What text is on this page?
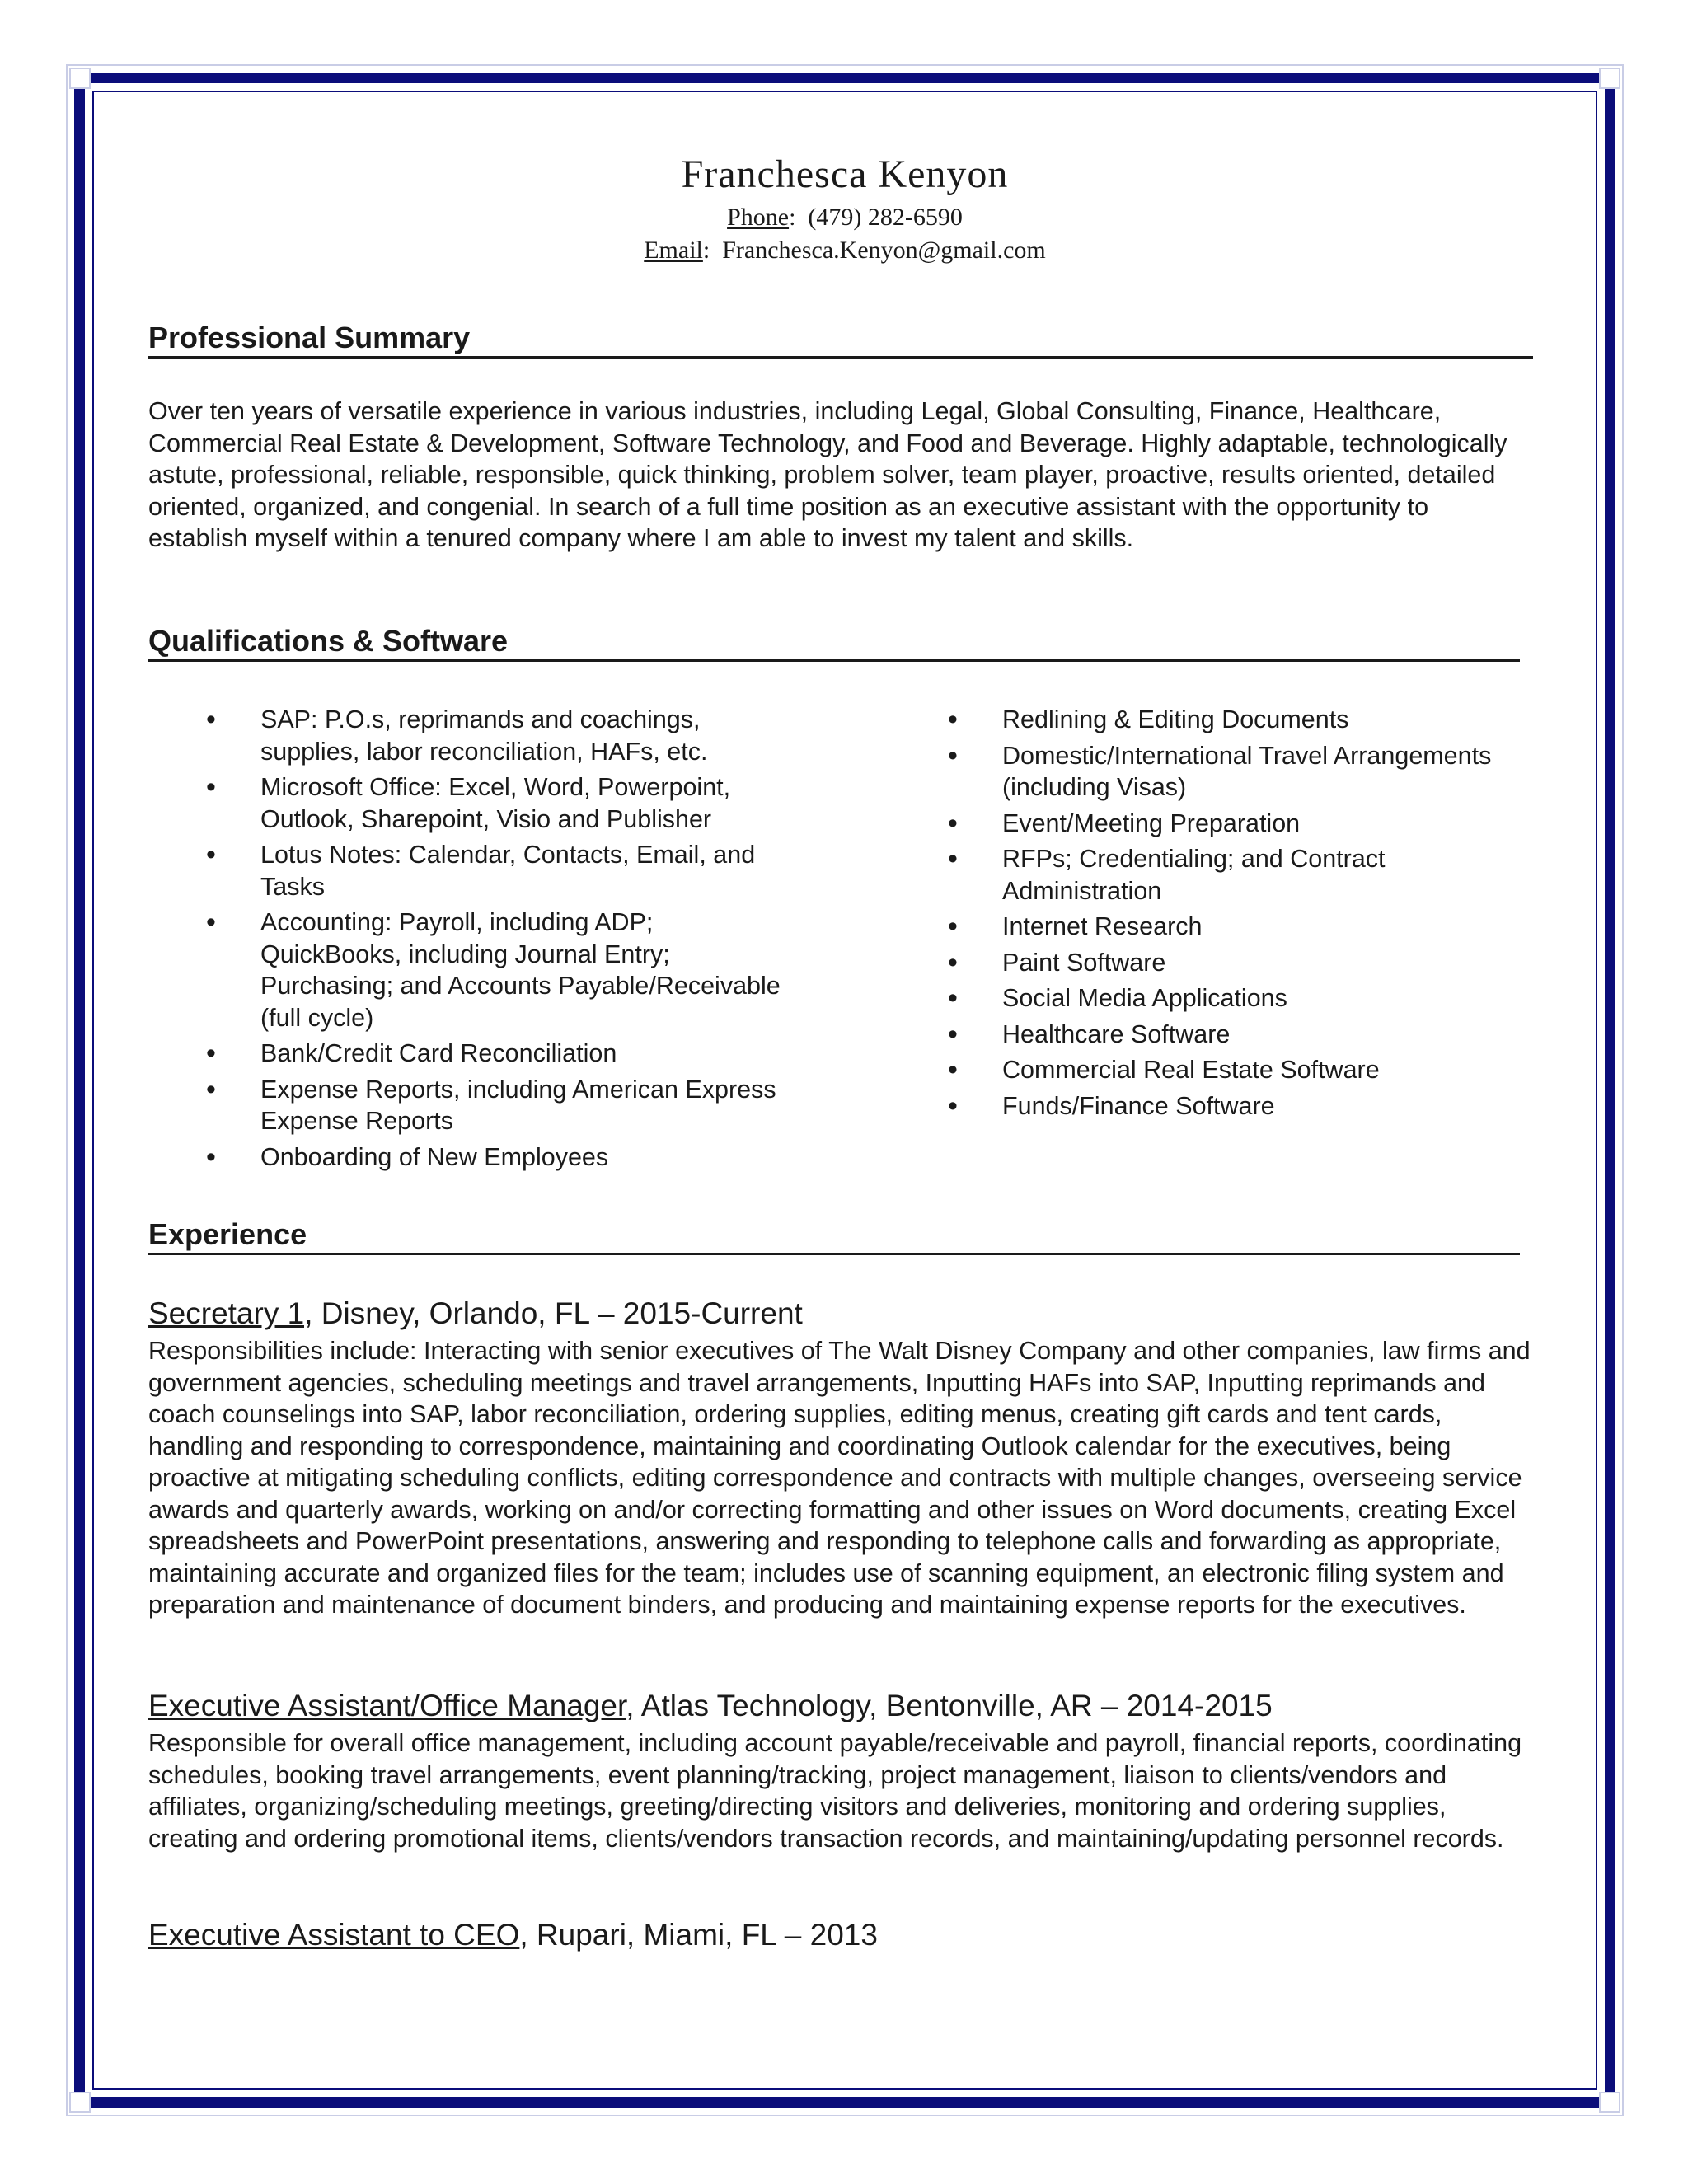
Franchesca Kenyon
Phone:  (479) 282-6590
Email:  Franchesca.Kenyon@gmail.com
Professional Summary
Over ten years of versatile experience in various industries, including Legal, Global Consulting, Finance, Healthcare, Commercial Real Estate & Development, Software Technology, and Food and Beverage. Highly adaptable, technologically astute, professional, reliable, responsible, quick thinking, problem solver, team player, proactive, results oriented, detailed oriented, organized, and congenial. In search of a full time position as an executive assistant with the opportunity to establish myself within a tenured company where I am able to invest my talent and skills.
Qualifications & Software
• SAP: P.O.s, reprimands and coachings, supplies, labor reconciliation, HAFs, etc.
• Microsoft Office: Excel, Word, Powerpoint, Outlook, Sharepoint, Visio and Publisher
• Lotus Notes: Calendar, Contacts, Email, and Tasks
• Accounting: Payroll, including ADP; QuickBooks, including Journal Entry; Purchasing; and Accounts Payable/Receivable (full cycle)
• Bank/Credit Card Reconciliation
• Expense Reports, including American Express Expense Reports
• Onboarding of New Employees
• Redlining & Editing Documents
• Domestic/International Travel Arrangements (including Visas)
• Event/Meeting Preparation
• RFPs; Credentialing; and Contract Administration
• Internet Research
• Paint Software
• Social Media Applications
• Healthcare Software
• Commercial Real Estate Software
• Funds/Finance Software
Experience
Secretary 1, Disney, Orlando, FL – 2015-Current
Responsibilities include: Interacting with senior executives of The Walt Disney Company and other companies, law firms and government agencies, scheduling meetings and travel arrangements, Inputting HAFs into SAP, Inputting reprimands and coach counselings into SAP, labor reconciliation, ordering supplies, editing menus, creating gift cards and tent cards, handling and responding to correspondence, maintaining and coordinating Outlook calendar for the executives, being proactive at mitigating scheduling conflicts, editing correspondence and contracts with multiple changes, overseeing service awards and quarterly awards, working on and/or correcting formatting and other issues on Word documents, creating Excel spreadsheets and PowerPoint presentations, answering and responding to telephone calls and forwarding as appropriate, maintaining accurate and organized files for the team; includes use of scanning equipment, an electronic filing system and preparation and maintenance of document binders, and producing and maintaining expense reports for the executives.
Executive Assistant/Office Manager, Atlas Technology, Bentonville, AR – 2014-2015
Responsible for overall office management, including account payable/receivable and payroll, financial reports, coordinating schedules, booking travel arrangements, event planning/tracking, project management, liaison to clients/vendors and affiliates, organizing/scheduling meetings, greeting/directing visitors and deliveries, monitoring and ordering supplies, creating and ordering promotional items, clients/vendors transaction records, and maintaining/updating personnel records.
Executive Assistant to CEO, Rupari, Miami, FL – 2013
